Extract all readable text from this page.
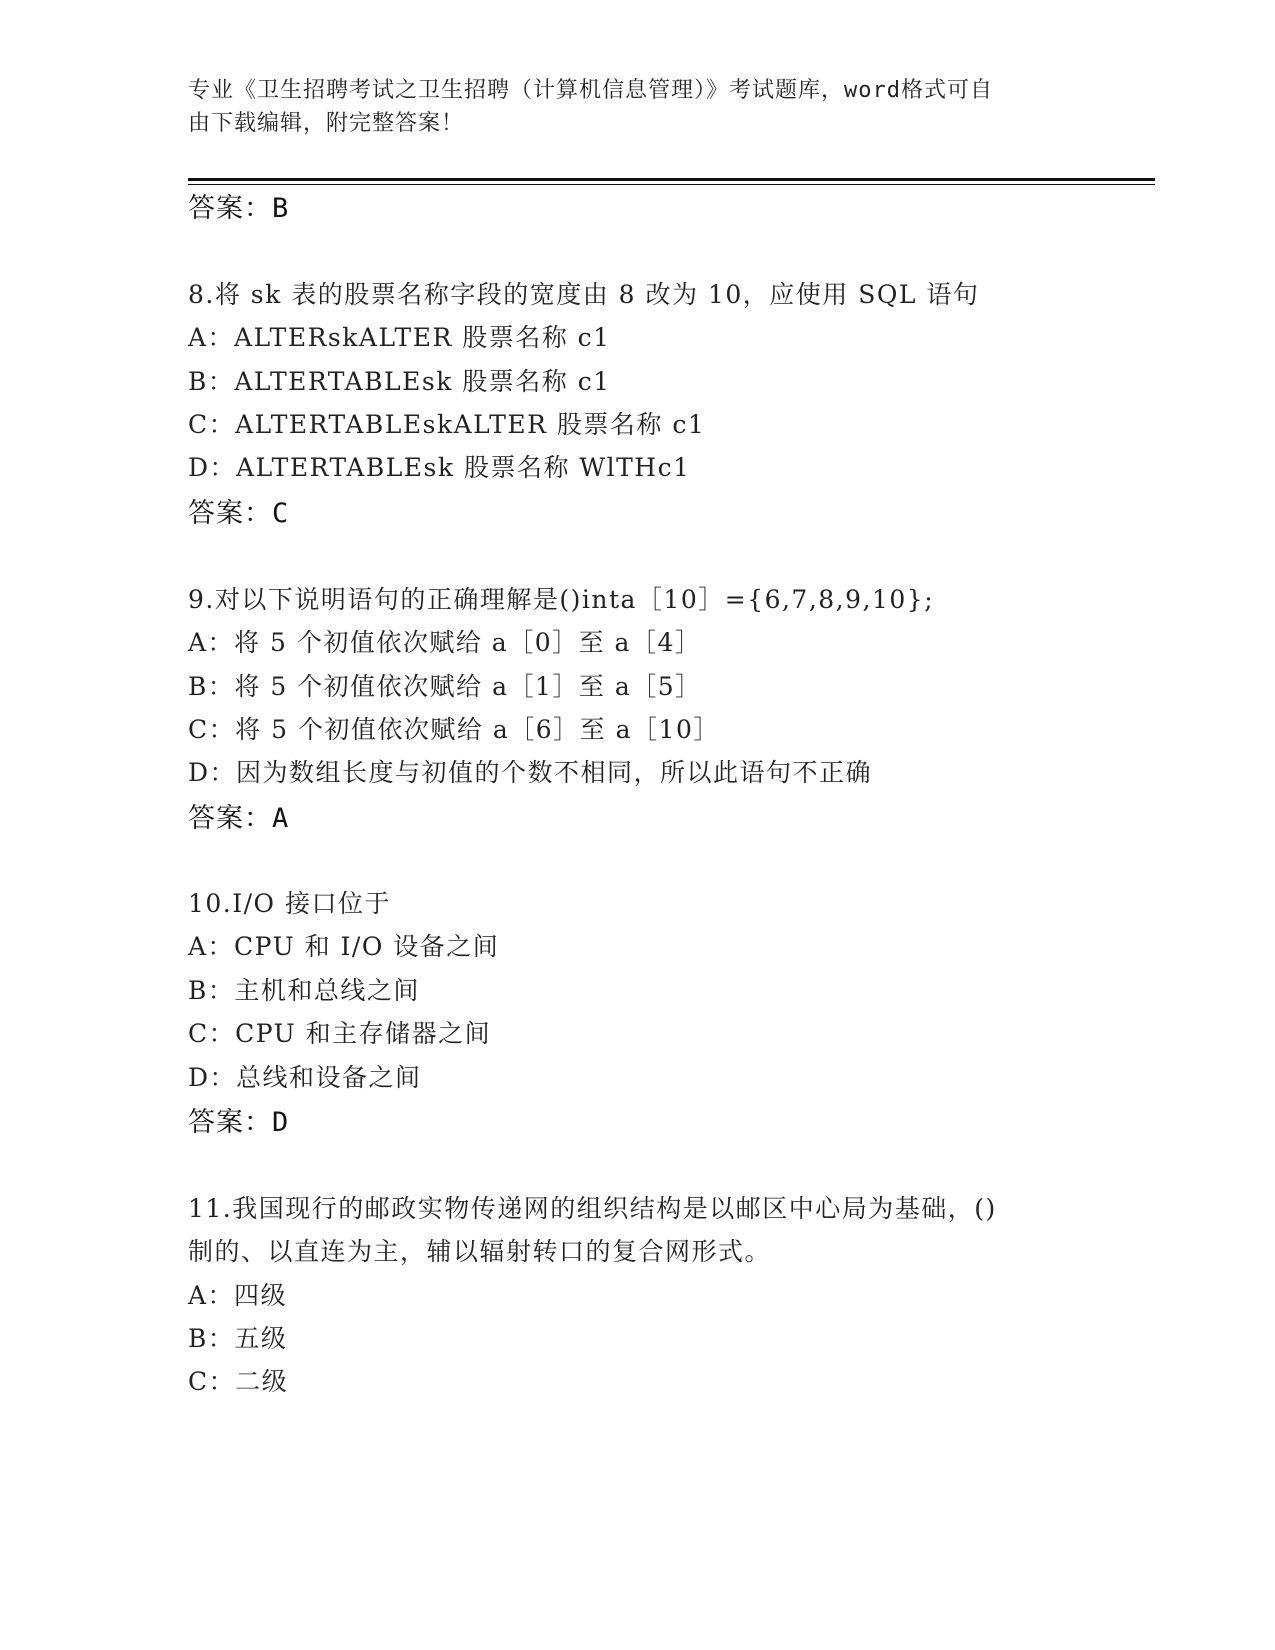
专业《卫生招聘考试之卫生招聘（计算机信息管理）》考试题库，word格式可自
由下载编辑，附完整答案！
答案：B
8.将 sk 表的股票名称字段的宽度由 8 改为 10，应使用 SQL 语句
A：ALTERskALTER 股票名称 c1
B：ALTERTABLEsk 股票名称 c1
C：ALTERTABLEskALTER 股票名称 c1
D：ALTERTABLEsk 股票名称 WlTHc1
答案：C
9.对以下说明语句的正确理解是()inta［10］={6,7,8,9,10};
A：将 5 个初值依次赋给 a［0］至 a［4］
B：将 5 个初值依次赋给 a［1］至 a［5］
C：将 5 个初值依次赋给 a［6］至 a［10］
D：因为数组长度与初值的个数不相同，所以此语句不正确
答案：A
10.I/O 接口位于
A：CPU 和 I/O 设备之间
B：主机和总线之间
C：CPU 和主存储器之间
D：总线和设备之间
答案：D
11.我国现行的邮政实物传递网的组织结构是以邮区中心局为基础，()
制的、以直连为主，辅以辐射转口的复合网形式。
A：四级
B：五级
C：二级
